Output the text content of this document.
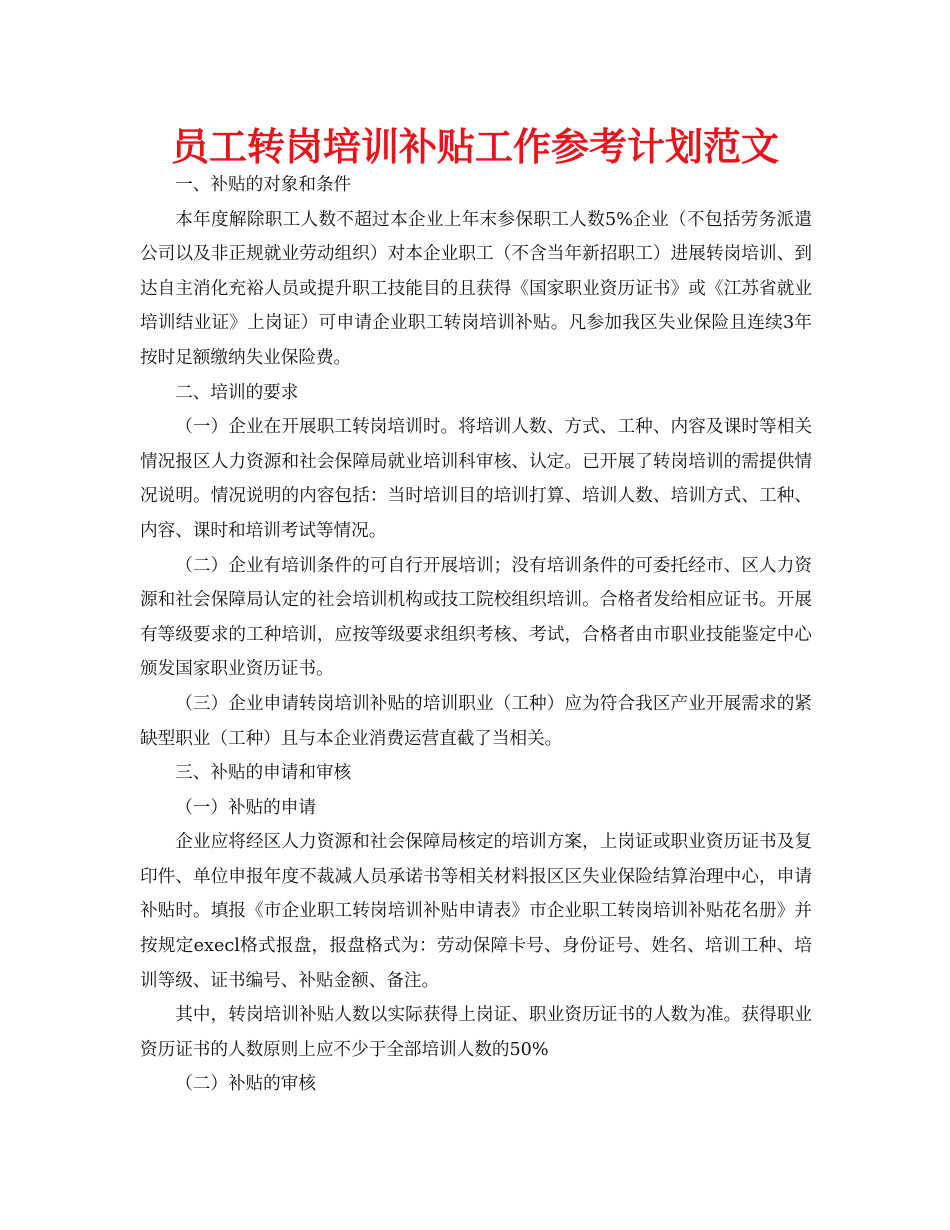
员工转岗培训补贴工作参考计划范文

一、补贴的对象和条件

本年度解除职工人数不超过本企业上年末参保职工人数5%企业（不包括劳务派遣公司以及非正规就业劳动组织）对本企业职工（不含当年新招职工）进展转岗培训、到达自主消化充裕人员或提升职工技能目的且获得《国家职业资历证书》或《江苏省就业培训结业证》上岗证）可申请企业职工转岗培训补贴。凡参加我区失业保险且连续3年按时足额缴纳失业保险费。

二、培训的要求

（一）企业在开展职工转岗培训时。将培训人数、方式、工种、内容及课时等相关情况报区人力资源和社会保障局就业培训科审核、认定。已开展了转岗培训的需提供情况说明。情况说明的内容包括：当时培训目的培训打算、培训人数、培训方式、工种、内容、课时和培训考试等情况。

（二）企业有培训条件的可自行开展培训；没有培训条件的可委托经市、区人力资源和社会保障局认定的社会培训机构或技工院校组织培训。合格者发给相应证书。开展有等级要求的工种培训，应按等级要求组织考核、考试，合格者由市职业技能鉴定中心颁发国家职业资历证书。

（三）企业申请转岗培训补贴的培训职业（工种）应为符合我区产业开展需求的紧缺型职业（工种）且与本企业消费运营直截了当相关。

三、补贴的申请和审核

（一）补贴的申请

企业应将经区人力资源和社会保障局核定的培训方案，上岗证或职业资历证书及复印件、单位申报年度不裁减人员承诺书等相关材料报区区失业保险结算治理中心，申请补贴时。填报《市企业职工转岗培训补贴申请表》市企业职工转岗培训补贴花名册》并按规定execl格式报盘，报盘格式为：劳动保障卡号、身份证号、姓名、培训工种、培训等级、证书编号、补贴金额、备注。

其中，转岗培训补贴人数以实际获得上岗证、职业资历证书的人数为准。获得职业资历证书的人数原则上应不少于全部培训人数的50%

（二）补贴的审核
